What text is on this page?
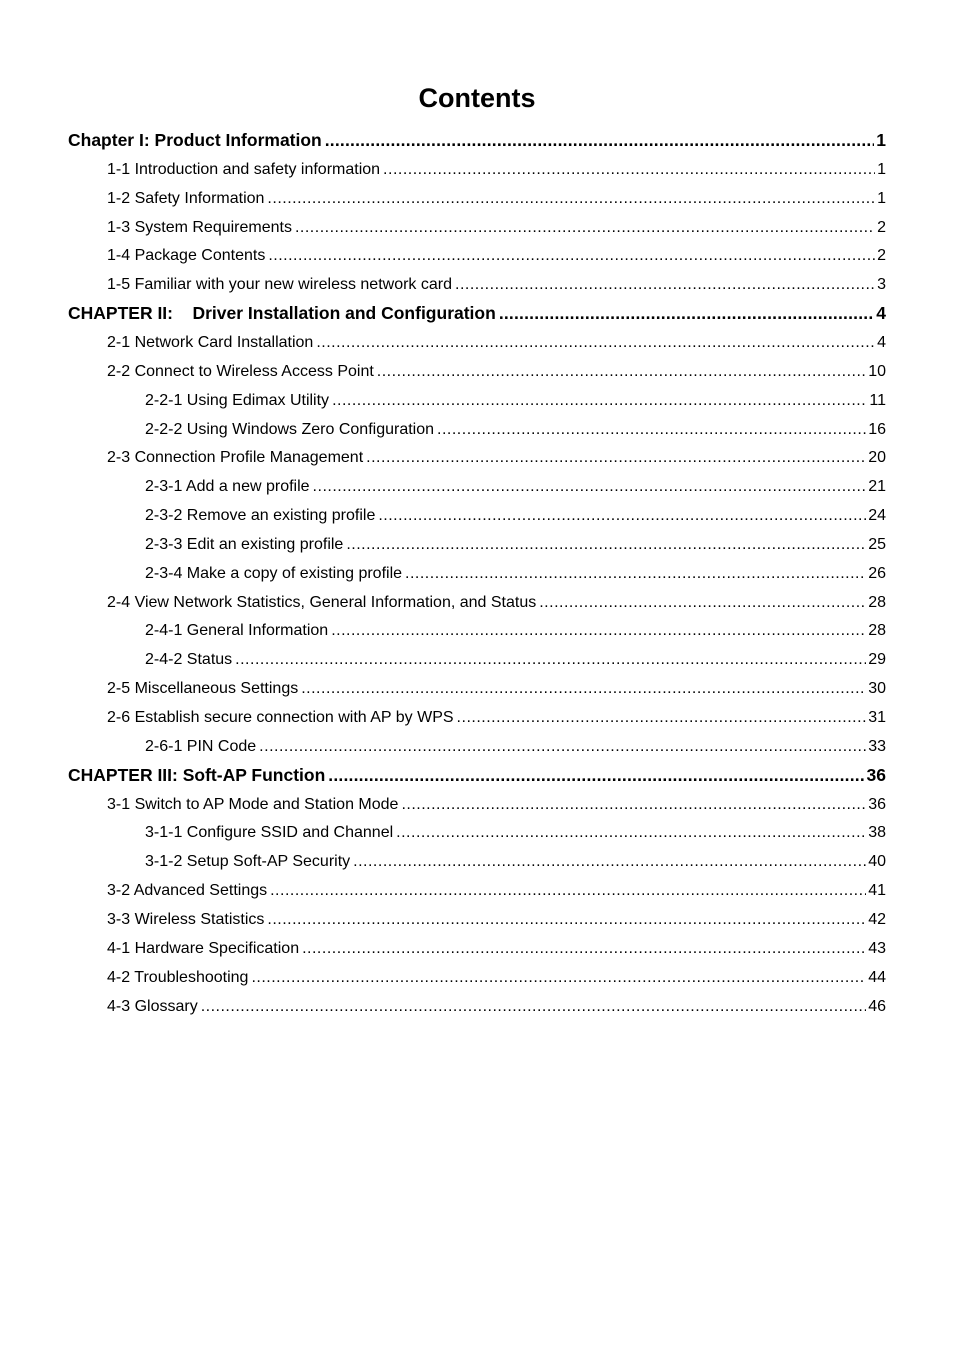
Contents
Chapter I: Product Information .....	1
1-1 Introduction and safety information .....	1
1-2 Safety Information .....	1
1-3 System Requirements .....	2
1-4 Package Contents .....	2
1-5 Familiar with your new wireless network card .....	3
CHAPTER II:    Driver Installation and Configuration .....	4
2-1 Network Card Installation .....	4
2-2 Connect to Wireless Access Point .....	10
2-2-1 Using Edimax Utility .....	11
2-2-2 Using Windows Zero Configuration .....	16
2-3 Connection Profile Management .....	20
2-3-1 Add a new profile .....	21
2-3-2 Remove an existing profile .....	24
2-3-3 Edit an existing profile .....	25
2-3-4 Make a copy of existing profile .....	26
2-4 View Network Statistics, General Information, and Status .....	28
2-4-1 General Information .....	28
2-4-2 Status .....	29
2-5 Miscellaneous Settings .....	30
2-6 Establish secure connection with AP by WPS .....	31
2-6-1 PIN Code .....	33
CHAPTER III: Soft-AP Function .....	36
3-1 Switch to AP Mode and Station Mode .....	36
3-1-1 Configure SSID and Channel .....	38
3-1-2 Setup Soft-AP Security .....	40
3-2 Advanced Settings .....	41
3-3 Wireless Statistics .....	42
4-1 Hardware Specification .....	43
4-2 Troubleshooting .....	44
4-3 Glossary .....	46
